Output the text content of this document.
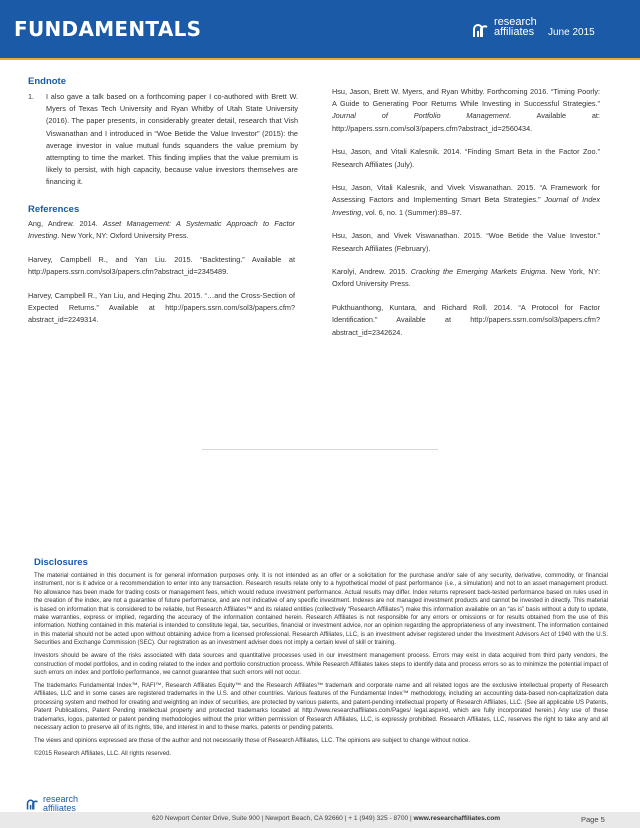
FUNDAMENTALS	research
affiliates June 2015
Endnote
1. I also gave a talk based on a forthcoming paper I co-authored with Brett W. Myers of Texas Tech University and Ryan Whitby of Utah State University (2016). The paper presents, in considerably greater detail, research that Vish Viswanathan and I introduced in “Woe Betide the Value Investor” (2015): the average investor in value mutual funds squanders the value premium by attempting to time the market. This finding implies that the value premium is likely to persist, with high capacity, because value investors themselves are financing it.
References

Ang, Andrew. 2014. Asset Management: A Systematic Approach to Factor Investing. New York, NY: Oxford University Press.

Harvey, Campbell R., and Yan Liu. 2015. “Backtesting.” Available at http://papers.ssrn.com/sol3/papers.cfm?abstract_id=2345489.

Harvey, Campbell R., Yan Liu, and Heqing Zhu. 2015. “…and the Cross-Section of Expected Returns.” Available at http://papers.ssrn.com/sol3/papers.cfm?abstract_id=2249314.

Hsu, Jason, Brett W. Myers, and Ryan Whitby. Forthcoming 2016. “Timing Poorly: A Guide to Generating Poor Returns While Investing in Successful Strategies.” Journal of Portfolio Management. Available at: http://papers.ssrn.com/sol3/papers.cfm?abstract_id=2560434.

Hsu, Jason, and Vitali Kalesnik. 2014. “Finding Smart Beta in the Factor Zoo.” Research Affiliates (July).

Hsu, Jason, Vitali Kalesnik, and Vivek Viswanathan. 2015. “A Framework for Assessing Factors and Implementing Smart Beta Strategies.” Journal of Index Investing, vol. 6, no. 1 (Summer):89–97.

Hsu, Jason, and Vivek Viswanathan. 2015. “Woe Betide the Value Investor.” Research Affiliates (February).

Karolyi, Andrew. 2015. Cracking the Emerging Markets Enigma. New York, NY: Oxford University Press.

Pukthuanthong, Kuntara, and Richard Roll. 2014. “A Protocol for Factor Identification.” Available at http://papers.ssrn.com/sol3/papers.cfm?abstract_id=2342624.

Disclosures

The material contained in this document is for general information purposes only. It is not intended as an offer or a solicitation for the purchase and/or sale of any security, derivative, commodity, or financial instrument, nor is it advice or a recommendation to enter into any transaction. Research results relate only to a hypothetical model of past performance (i.e., a simulation) and not to an asset management product. No allowance has been made for trading costs or management fees, which would reduce investment performance. Actual results may differ. Index returns represent back-tested performance based on rules used in the creation of the index, are not a guarantee of future performance, and are not indicative of any specific investment. Indexes are not managed investment products and cannot be invested in directly. This material is based on information that is considered to be reliable, but Research Affiliates™ and its related entities (collectively “Research Affiliates”) make this information available on an “as is” basis without a duty to update, make warranties, express or implied, regarding the accuracy of the information contained herein. Research Affiliates is not responsible for any errors or omissions or for results obtained from the use of this information. Nothing contained in this material is intended to constitute legal, tax, securities, financial or investment advice, nor an opinion regarding the appropriateness of any investment. The information contained in this material should not be acted upon without obtaining advice from a licensed professional. Research Affiliates, LLC, is an investment adviser registered under the Investment Advisors Act of 1940 with the U.S. Securities and Exchange Commission (SEC). Our registration as an investment adviser does not imply a certain level of skill or training.

Investors should be aware of the risks associated with data sources and quantitative processes used in our investment management process. Errors may exist in data acquired from third party vendors, the construction of model portfolios, and in coding related to the index and portfolio construction process. While Research Affiliates takes steps to identify data and process errors so as to minimize the potential impact of such errors on index and portfolio performance, we cannot guarantee that such errors will not occur.

The trademarks Fundamental Index™, RAFI™, Research Affiliates Equity™ and the Research Affiliates™ trademark and corporate name and all related logos are the exclusive intellectual property of Research Affiliates, LLC and in some cases are registered trademarks in the U.S. and other countries. Various features of the Fundamental Index™ methodology, including an accounting data-based non-capitalization data processing system and method for creating and weighting an index of securities, are protected by various patents, and patent-pending intellectual property of Research Affiliates, LLC. (See all applicable US Patents, Patent Publications, Patent Pending intellectual property and protected trademarks located at http://www.researchaffiliates.com/Pages/ legal.aspx#d, which are fully incorporated herein.) Any use of these trademarks, logos, patented or patent pending methodologies without the prior written permission of Research Affiliates, LLC, is expressly prohibited. Research Affiliates, LLC, reserves the right to take any and all necessary action to preserve all of its rights, title, and interest in and to these marks, patents or pending patents.

The views and opinions expressed are those of the author and not necessarily those of Research Affiliates, LLC. The opinions are subject to change without notice.

©2015 Research Affiliates, LLC. All rights reserved.

620 Newport Center Drive, Suite 900 | Newport Beach, CA 92660 | + 1 (949) 325 - 8700 | www.researchaffiliates.com	Page 5
research
affiliates
